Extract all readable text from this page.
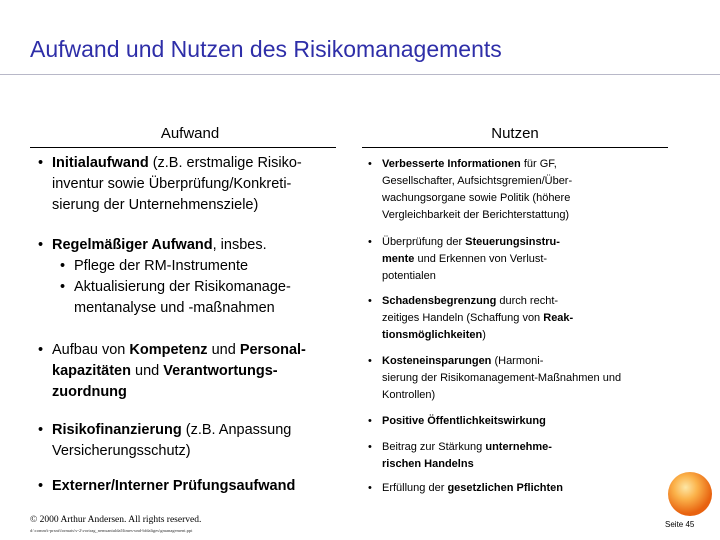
Aufwand und Nutzen des Risikomanagements
Aufwand	Nutzen
• Initialaufwand (z.B. erstmalige Risiko-
inventur sowie Überprüfung/Konkreti-
sierung der Unternehmensziele)
• Regelmäßiger Aufwand, insbes.
• Pflege der RM-Instrumente
• Aktualisierung der Risikomanage-
mentanalyse und -maßnahmen
• Aufbau von Kompetenz und Personal-
kapazitäten und Verantwortungs-
zuordnung
• Risikofinanzierung (z.B. Anpassung
Versicherungsschutz)
• Externer/Interner Prüfungsaufwand
• Verbesserte Informationen für GF,
Gesellschafter, Aufsichtsgremien/Über-
wachungsorgane sowie Politik (höhere
Vergleichbarkeit der Berichterstattung)
• Überprüfung der Steuerungsinstru-
mente und Erkennen von Verlust-
potentialen
• Schadensbegrenzung durch recht-
zeitiges Handeln (Schaffung von Reak-
tionsmöglichkeiten)
• Kosteneinsparungen (Harmoni-
sierung der Risikomanagement-Maßnahmen und
Kontrollen)
• Positive Öffentlichkeitswirkung
• Beitrag zur Stärkung unternehme-
rischen Handelns
• Erfüllung der gesetzlichen Pflichten
© 2000 Arthur Andersen. All rights reserved.
d:\comm\t-prsnt\formats\v-2\vortrag_nemsantuldal\limes-und-bfdaliges\gmanagement.ppt
Seite 45
